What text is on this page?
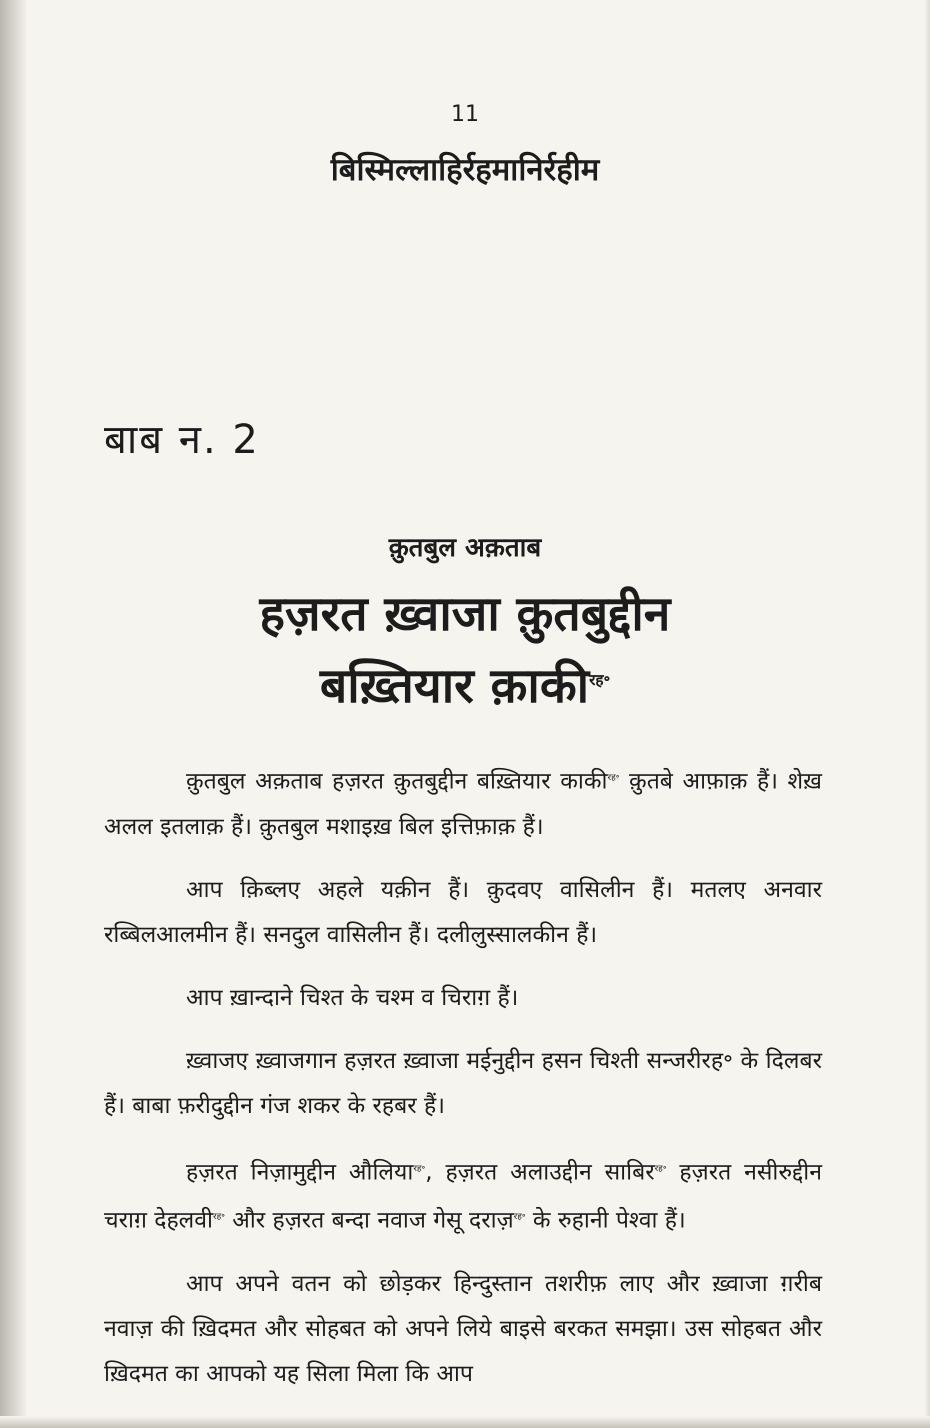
11
बिस्मिल्लाहिर्रहमानिर्रहीम
बाब न. 2
क़ुतबुल अक़ताब
हज़रत ख़्वाजा क़ुतबुद्दीन
बख़्तियार क़ाकी$^{रह॰}$

क़ुतबुल अक़ताब हज़रत क़ुतबुद्दीन बख़्तियार काकी$^{रह॰}$ क़ुतबे आफ़ाक़ हैं। शेख़ अलल इतलाक़ हैं। क़ुतबुल मशाइख़ बिल इत्तिफ़ाक़ हैं।

आप क़िब्लए अहले यक़ीन हैं। क़ुदवए वासिलीन हैं। मतलए अनवार रब्बिलआलमीन हैं। सनदुल वासिलीन हैं। दलीलुस्सालकीन हैं।

आप ख़ान्दाने चिश्त के चश्म व चिराग़ हैं।

ख़्वाजए ख़्वाजगान हज़रत ख़्वाजा मईनुद्दीन हसन चिश्ती सन्जरीरह॰ के दिलबर हैं। बाबा फ़रीदुद्दीन गंज शकर के रहबर हैं।

हज़रत निज़ामुद्दीन औलिया$^{रह॰}$, हज़रत अलाउद्दीन साबिर$^{रह॰}$ हज़रत नसीरुद्दीन चराग़ देहलवी$^{रह॰}$ और हज़रत बन्दा नवाज गेसू दराज़$^{रह॰}$ के रुहानी पेश्वा हैं।

आप अपने वतन को छोड़कर हिन्दुस्तान तशरीफ़ लाए और ख़्वाजा ग़रीब नवाज़ की ख़िदमत और सोहबत को अपने लिये बाइसे बरकत समझा। उस सोहबत और ख़िदमत का आपको यह सिला मिला कि आप
